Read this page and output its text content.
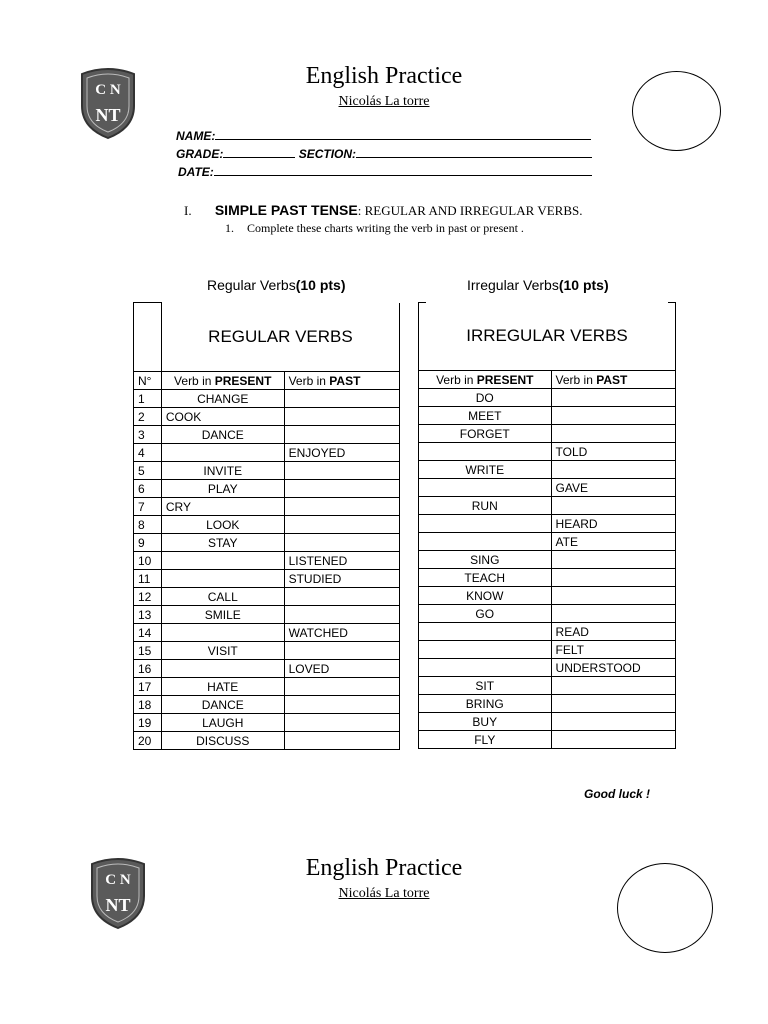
C N
NT
English Practice
Nicolás La torre
NAME:
GRADE:	SECTION:
DATE:
I. SIMPLE PAST TENSE: REGULAR AND IRREGULAR VERBS.
1. Complete these charts writing the verb in past or present .
Regular Verbs(10 pts)	Irregular Verbs(10 pts)
	REGULAR VERBS	
N°	Verb in PRESENT	Verb in PAST
1	CHANGE	
2	COOK	
3	DANCE	
4		ENJOYED
5	INVITE	
6	PLAY	
7	CRY	
8	LOOK	
9	STAY	
10		LISTENED
11		STUDIED
12	CALL	
13	SMILE	
14		WATCHED
15	VISIT	
16		LOVED
17	HATE	
18	DANCE	
19	LAUGH	
20	DISCUSS	
IRREGULAR VERBS	
Verb in PRESENT	Verb in PAST
DO	
MEET	
FORGET	
	TOLD
WRITE	
	GAVE
RUN	
	HEARD
	ATE
SING	
TEACH	
KNOW	
GO	
	READ
	FELT
	UNDERSTOOD
SIT	
BRING	
BUY	
FLY	
Good luck !
C N
NT
English Practice
Nicolás La torre
